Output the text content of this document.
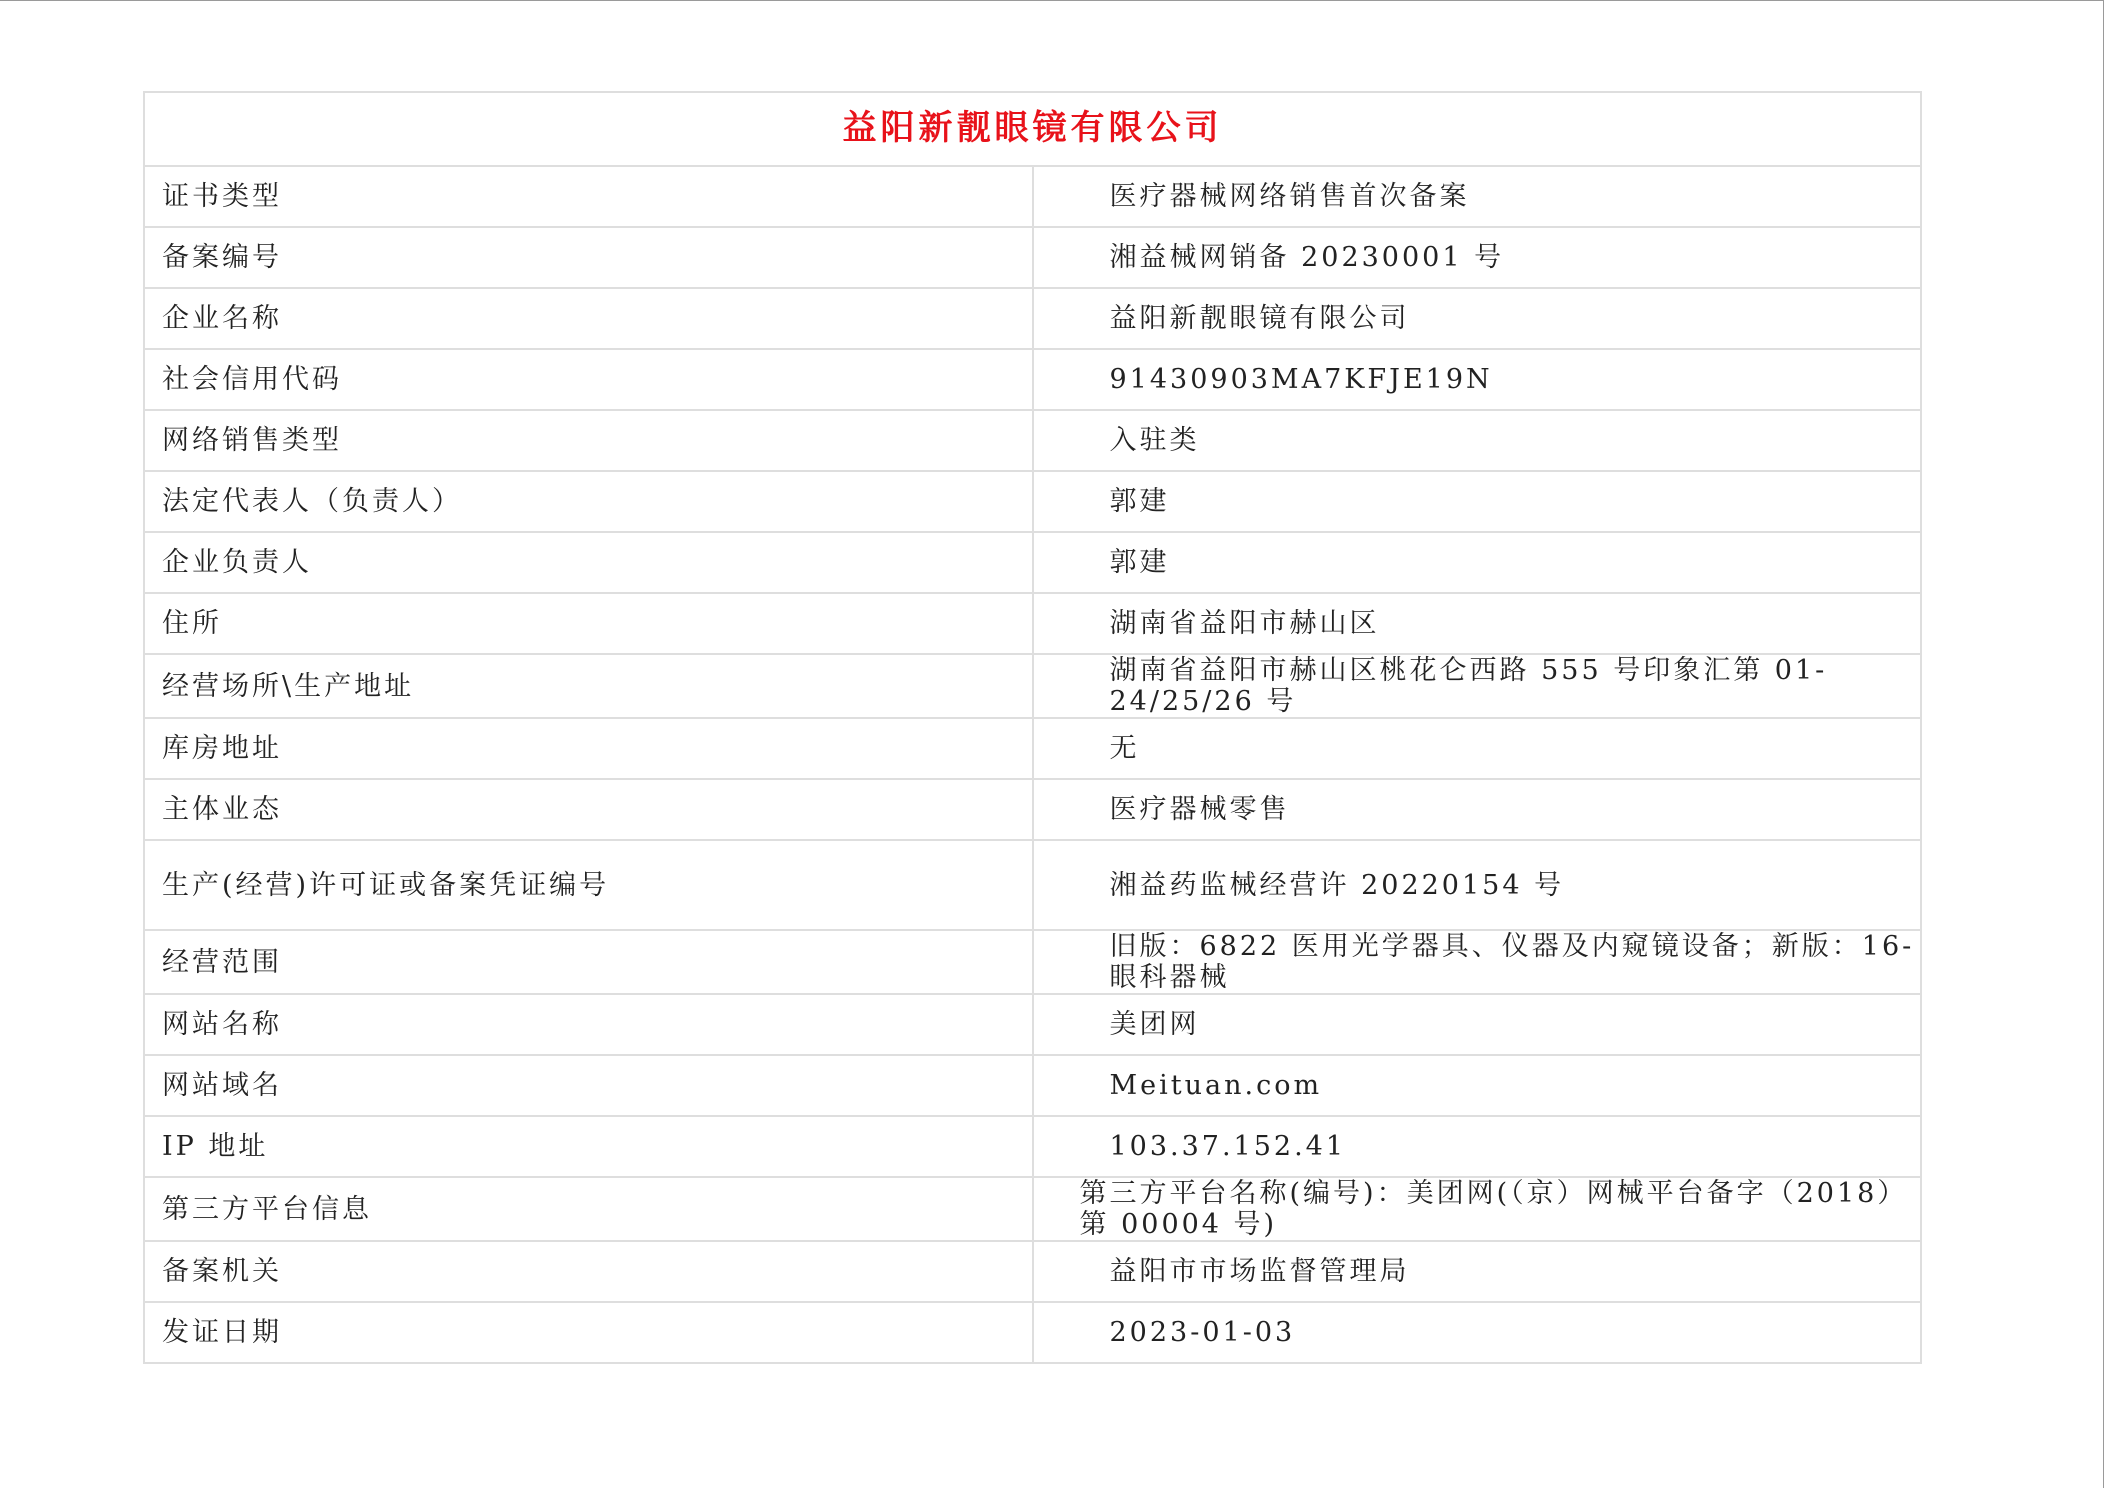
益阳新靓眼镜有限公司	
证书类型	医疗器械网络销售首次备案
备案编号	湘益械网销备 20230001 号
企业名称	益阳新靓眼镜有限公司
社会信用代码	91430903MA7KFJE19N
网络销售类型	入驻类
法定代表人（负责人）	郭建
企业负责人	郭建
住所	湖南省益阳市赫山区
经营场所\生产地址	湖南省益阳市赫山区桃花仑西路 555 号印象汇第 01-24/25/26 号
库房地址	无
主体业态	医疗器械零售
生产(经营)许可证或备案凭证编号	湘益药监械经营许 20220154 号
经营范围	旧版：6822 医用光学器具、仪器及内窥镜设备；新版：16- 眼科器械
网站名称	美团网
网站域名	Meituan.com
IP 地址	103.37.152.41
第三方平台信息	第三方平台名称(编号)：美团网(（京）网械平台备字（2018）第 00004 号)
备案机关	益阳市市场监督管理局
发证日期	2023-01-03
